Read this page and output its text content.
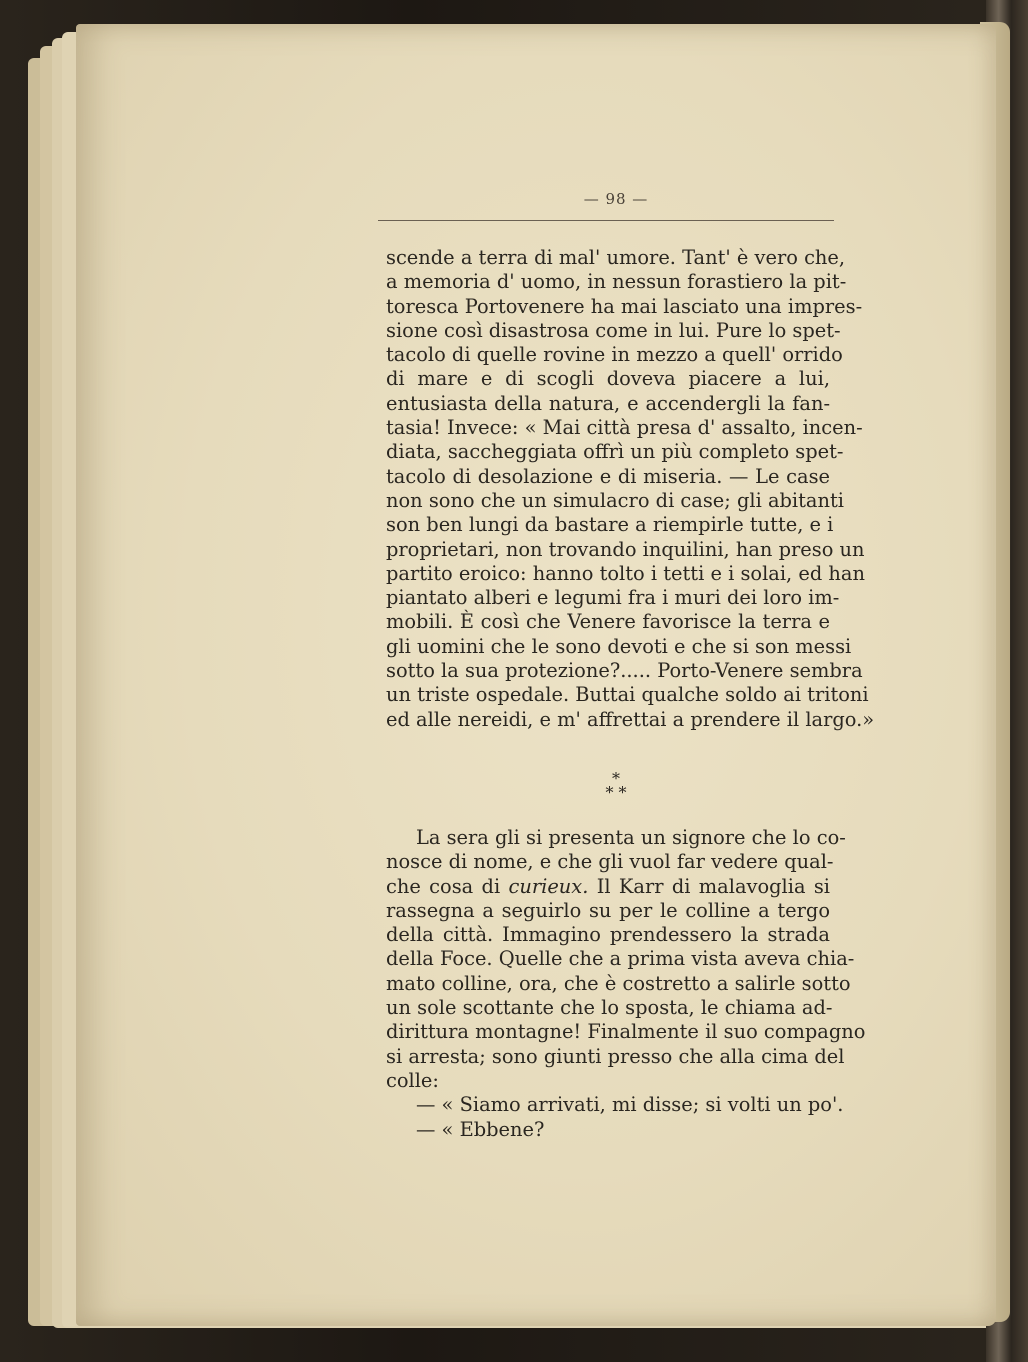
— 98 —
scende a terra di mal' umore. Tant' è vero che,
a memoria d' uomo, in nessun forastiero la pit-
toresca Portovenere ha mai lasciato una impres-
sione così disastrosa come in lui. Pure lo spet-
tacolo di quelle rovine in mezzo a quell' orrido
di mare e di scogli doveva piacere a lui,
entusiasta della natura, e accendergli la fan-
tasia! Invece: « Mai città presa d' assalto, incen-
diata, saccheggiata offrì un più completo spet-
tacolo di desolazione e di miseria. — Le case
non sono che un simulacro di case; gli abitanti
son ben lungi da bastare a riempirle tutte, e i
proprietari, non trovando inquilini, han preso un
partito eroico: hanno tolto i tetti e i solai, ed han
piantato alberi e legumi fra i muri dei loro im-
mobili. È così che Venere favorisce la terra e
gli uomini che le sono devoti e che si son messi
sotto la sua protezione?..... Porto-Venere sembra
un triste ospedale. Buttai qualche soldo ai tritoni
ed alle nereidi, e m' affrettai a prendere il largo.»
*
* *
La sera gli si presenta un signore che lo co-
nosce di nome, e che gli vuol far vedere qual-
che cosa di curieux. Il Karr di malavoglia si
rassegna a seguirlo su per le colline a tergo
della città. Immagino prendessero la strada
della Foce. Quelle che a prima vista aveva chia-
mato colline, ora, che è costretto a salirle sotto
un sole scottante che lo sposta, le chiama ad-
dirittura montagne! Finalmente il suo compagno
si arresta; sono giunti presso che alla cima del
colle:
— « Siamo arrivati, mi disse; si volti un po'.
— « Ebbene?
